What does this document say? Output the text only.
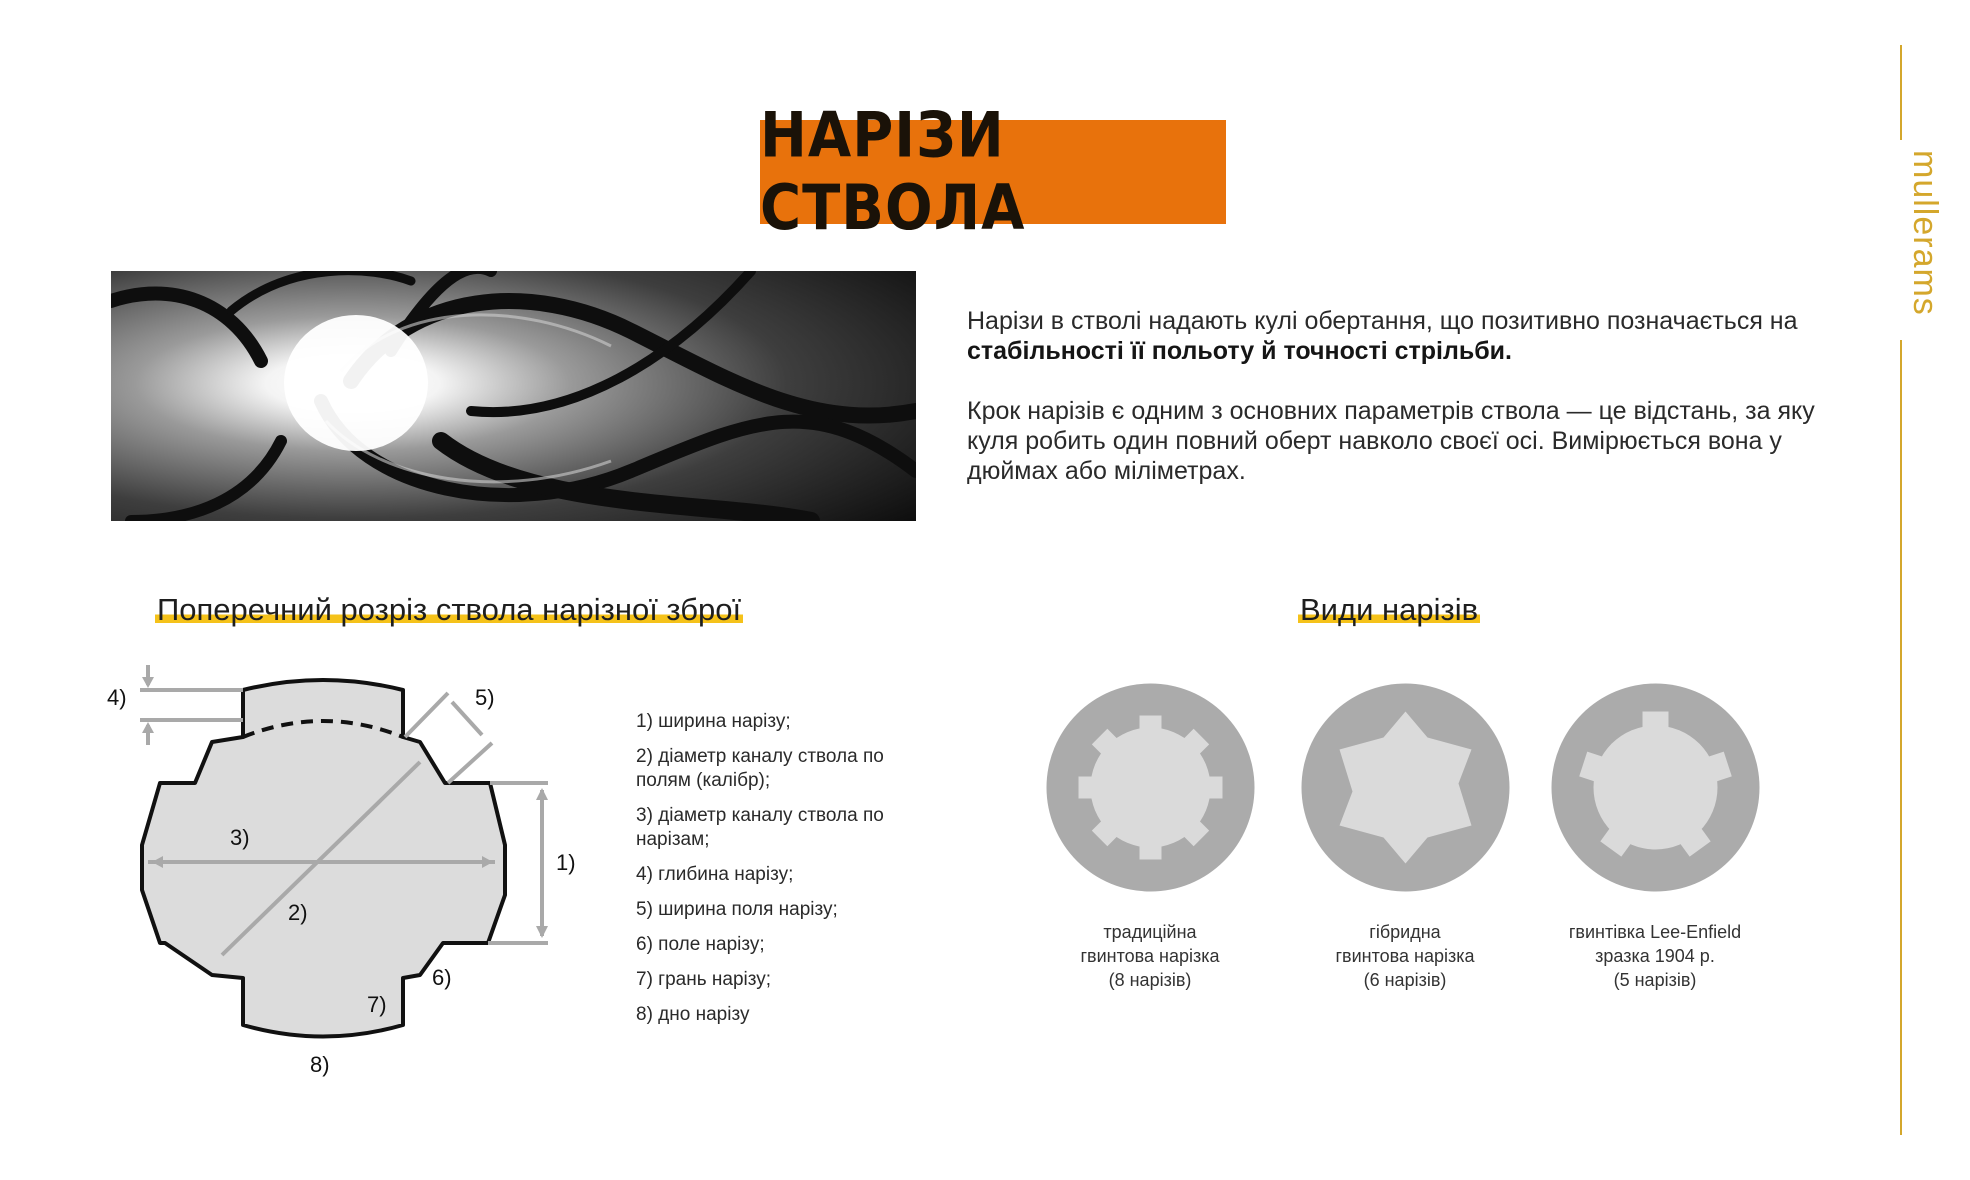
НАРІЗИ СТВОЛА	mullerams
Нарізи в стволі надають кулі обертання, що позитивно позначається на стабільності її польоту й точності стрільби.
Крок нарізів є одним з основних параметрів ствола — це відстань, за яку куля робить один повний оберт навколо своєї осі. Вимірюється вона у дюймах або міліметрах.
Поперечний розріз ствола нарізної зброї	Види нарізів
1)
2)
3)
4)	5)
6)
7)
8)
1) ширина нарізу;
2) діаметр каналу ствола по полям (калібр);
3) діаметр каналу ствола по нарізам;
4) глибина нарізу;
5) ширина поля нарізу;
6) поле нарізу;
7) грань нарізу;
8) дно нарізу
традиційна
гвинтова нарізка
(8 нарізів)
гібридна
гвинтова нарізка
(6 нарізів)
гвинтівка Lee-Enfield
зразка 1904 р.
(5 нарізів)
